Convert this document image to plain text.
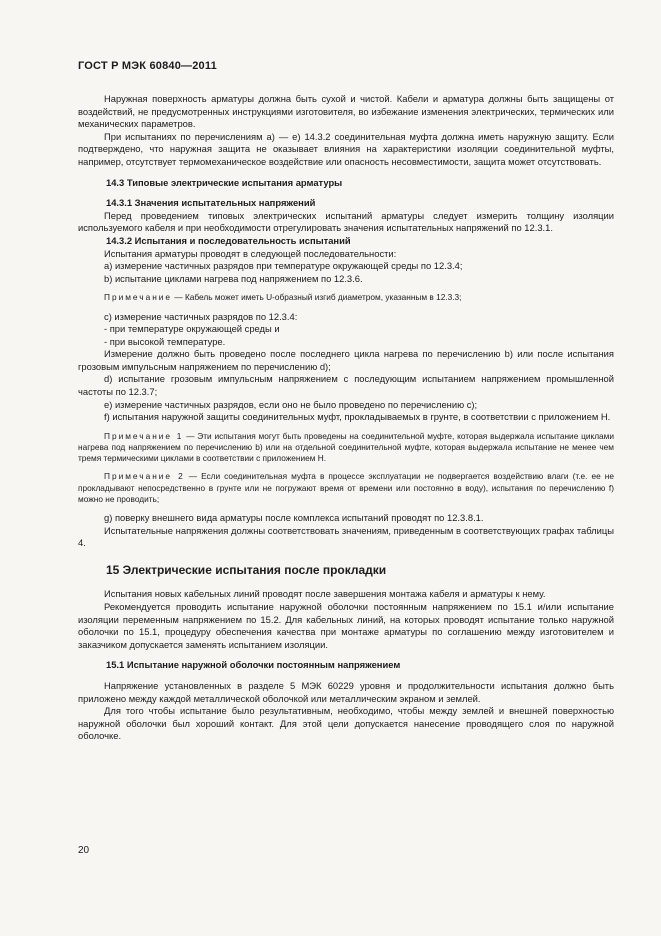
ГОСТ Р МЭК 60840—2011

Наружная поверхность арматуры должна быть сухой и чистой. Кабели и арматура должны быть защищены от воздействий, не предусмотренных инструкциями изготовителя, во избежание изменения электрических, термических или механических параметров.

При испытаниях по перечислениям а) — е) 14.3.2 соединительная муфта должна иметь наружную защиту. Если подтверждено, что наружная защита не оказывает влияния на характеристики изоляции соединительной муфты, например, отсутствует термомеханическое воздействие или опасность несовместимости, защита может отсутствовать.

14.3 Типовые электрические испытания арматуры

14.3.1 Значения испытательных напряжений

Перед проведением типовых электрических испытаний арматуры следует измерить толщину изоляции используемого кабеля и при необходимости отрегулировать значения испытательных напряжений по 12.3.1.

14.3.2 Испытания и последовательность испытаний

Испытания арматуры проводят в следующей последовательности:

a) измерение частичных разрядов при температуре окружающей среды по 12.3.4;

b) испытание циклами нагрева под напряжением по 12.3.6.

Примечание — Кабель может иметь U-образный изгиб диаметром, указанным в 12.3.3;

c) измерение частичных разрядов по 12.3.4:

- при температуре окружающей среды и

- при высокой температуре.

Измерение должно быть проведено после последнего цикла нагрева по перечислению b) или после испытания грозовым импульсным напряжением по перечислению d);

d) испытание грозовым импульсным напряжением с последующим испытанием напряжением промышленной частоты по 12.3.7;

e) измерение частичных разрядов, если оно не было проведено по перечислению c);

f) испытания наружной защиты соединительных муфт, прокладываемых в грунте, в соответствии с приложением Н.

Примечание 1 — Эти испытания могут быть проведены на соединительной муфте, которая выдержала испытание циклами нагрева под напряжением по перечислению b) или на отдельной соединительной муфте, которая выдержала испытание не менее чем тремя термическими циклами в соответствии с приложением Н.

Примечание 2 — Если соединительная муфта в процессе эксплуатации не подвергается воздействию влаги (т.е. ее не прокладывают непосредственно в грунте или не погружают время от времени или постоянно в воду), испытания по перечислению f) можно не проводить;

g) поверку внешнего вида арматуры после комплекса испытаний проводят по 12.3.8.1.

Испытательные напряжения должны соответствовать значениям, приведенным в соответствующих графах таблицы 4.

15 Электрические испытания после прокладки

Испытания новых кабельных линий проводят после завершения монтажа кабеля и арматуры к нему.

Рекомендуется проводить испытание наружной оболочки постоянным напряжением по 15.1 и/или испытание изоляции переменным напряжением по 15.2. Для кабельных линий, на которых проводят испытание только наружной оболочки по 15.1, процедуру обеспечения качества при монтаже арматуры по соглашению между изготовителем и заказчиком допускается заменять испытанием изоляции.

15.1 Испытание наружной оболочки постоянным напряжением

Напряжение установленных в разделе 5 МЭК 60229 уровня и продолжительности испытания должно быть приложено между каждой металлической оболочкой или металлическим экраном и землей.

Для того чтобы испытание было результативным, необходимо, чтобы между землей и внешней поверхностью наружной оболочки был хороший контакт. Для этой цели допускается нанесение проводящего слоя по наружной оболочке.

20
